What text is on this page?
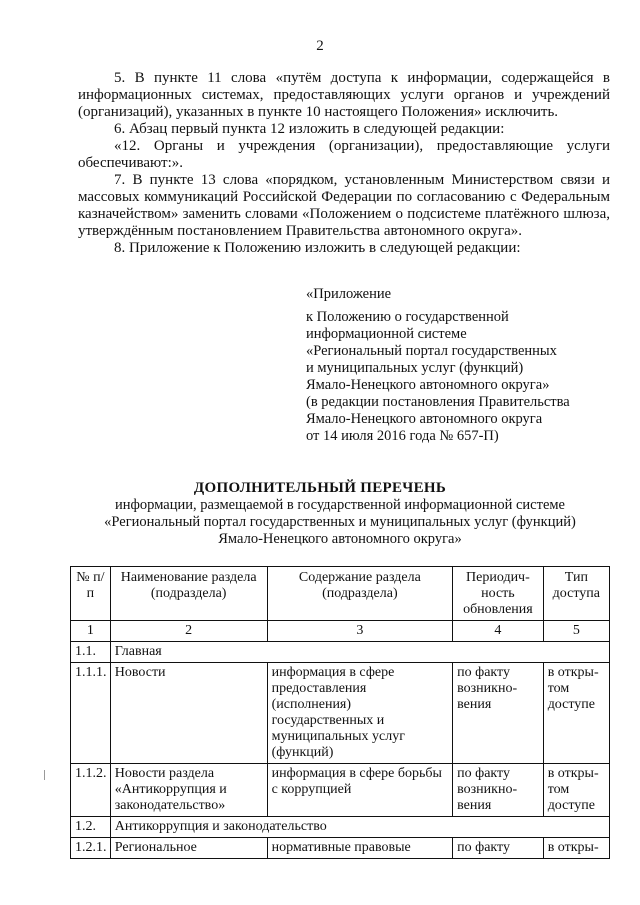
2

5. В пункте 11 слова «путём доступа к информации, содержащейся в информационных системах, предоставляющих услуги органов и учреждений (организаций), указанных в пункте 10 настоящего Положения» исключить.

6. Абзац первый пункта 12 изложить в следующей редакции:

«12. Органы и учреждения (организации), предоставляющие услуги обеспечивают:».

7. В пункте 13 слова «порядком, установленным Министерством связи и массовых коммуникаций Российской Федерации по согласованию с Федеральным казначейством» заменить словами «Положением о подсистеме платёжного шлюза, утверждённым постановлением Правительства автономного округа».

8. Приложение к Положению изложить в следующей редакции:

«Приложение
к Положению о государственной
информационной системе
«Региональный портал государственных
и муниципальных услуг (функций)
Ямало-Ненецкого автономного округа»
(в редакции постановления Правительства
Ямало-Ненецкого автономного округа
от 14 июля 2016 года № 657-П)
ДОПОЛНИТЕЛЬНЫЙ ПЕРЕЧЕНЬ
информации, размещаемой в государственной информационной системе «Региональный портал государственных и муниципальных услуг (функций) Ямало-Ненецкого автономного округа»
№ п/п	Наименование раздела (подраздела)	Содержание раздела (подраздела)	Периодич-ность обновления	Тип доступа
1	2	3	4	5
1.1.	Главная			
1.1.1.	Новости	информация в сфере предоставления (исполнения) государственных и муниципальных услуг (функций)	по факту возникно-вения	в откры-том доступе
1.1.2.	Новости раздела «Антикоррупция и законодательство»	информация в сфере борьбы с коррупцией	по факту возникно-вения	в откры-том доступе
1.2.	Антикоррупция и законодательство			
1.2.1.	Региональное	нормативные правовые	по факту	в откры-
